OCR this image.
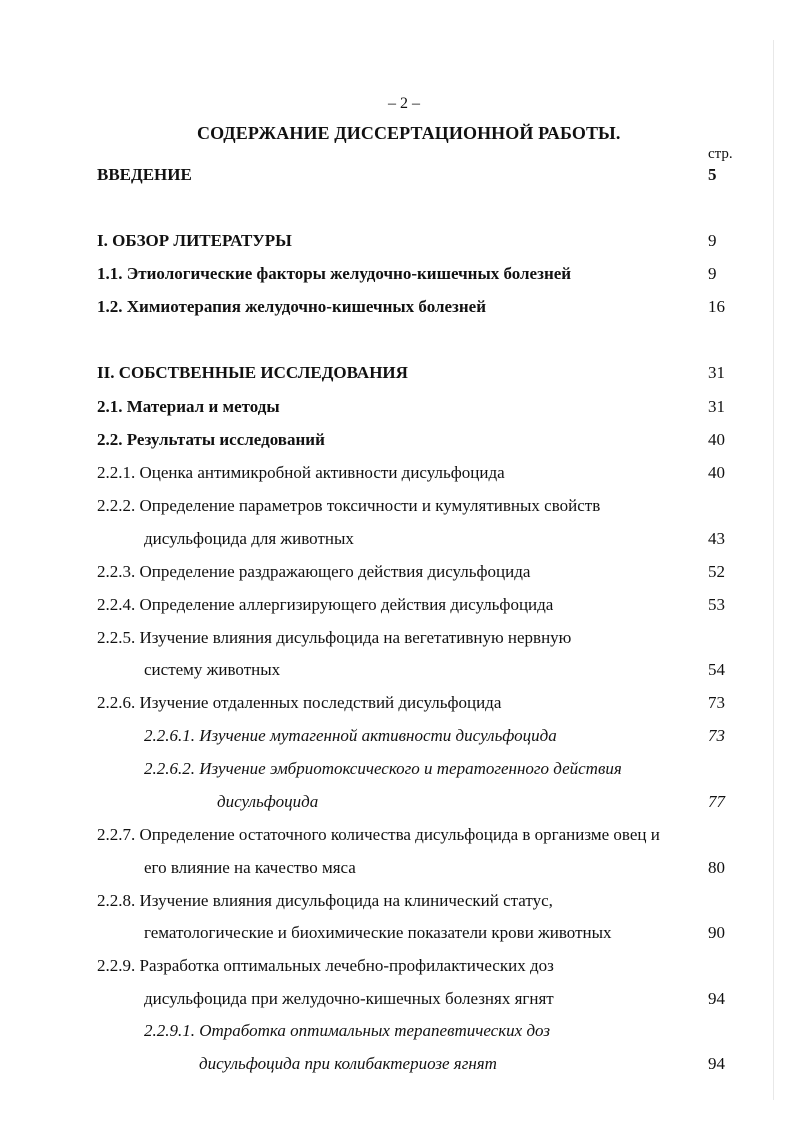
– 2 –
СОДЕРЖАНИЕ ДИССЕРТАЦИОННОЙ РАБОТЫ.
стр.
ВВЕДЕНИЕ	5
I. ОБЗОР ЛИТЕРАТУРЫ	9
1.1. Этиологические факторы желудочно-кишечных болезней	9
1.2. Химиотерапия желудочно-кишечных болезней	16
II. СОБСТВЕННЫЕ ИССЛЕДОВАНИЯ	31
2.1. Материал и методы	31
2.2. Результаты исследований	40
2.2.1. Оценка антимикробной активности дисульфоцида	40
2.2.2. Определение параметров токсичности и кумулятивных свойств
дисульфоцида для животных	43
2.2.3. Определение раздражающего действия дисульфоцида	52
2.2.4. Определение аллергизирующего действия дисульфоцида	53
2.2.5. Изучение влияния дисульфоцида на вегетативную нервную
систему животных	54
2.2.6. Изучение отдаленных последствий дисульфоцида	73
2.2.6.1. Изучение мутагенной активности дисульфоцида	73
2.2.6.2. Изучение эмбриотоксического и тератогенного действия
дисульфоцида	77
2.2.7. Определение остаточного количества дисульфоцида в организме овец и
его влияние на качество мяса	80
2.2.8. Изучение влияния дисульфоцида на клинический статус,
гематологические и биохимические показатели крови животных	90
2.2.9. Разработка оптимальных лечебно-профилактических доз
дисульфоцида при желудочно-кишечных болезнях ягнят	94
2.2.9.1. Отработка оптимальных терапевтических доз
дисульфоцида при колибактериозе ягнят	94
